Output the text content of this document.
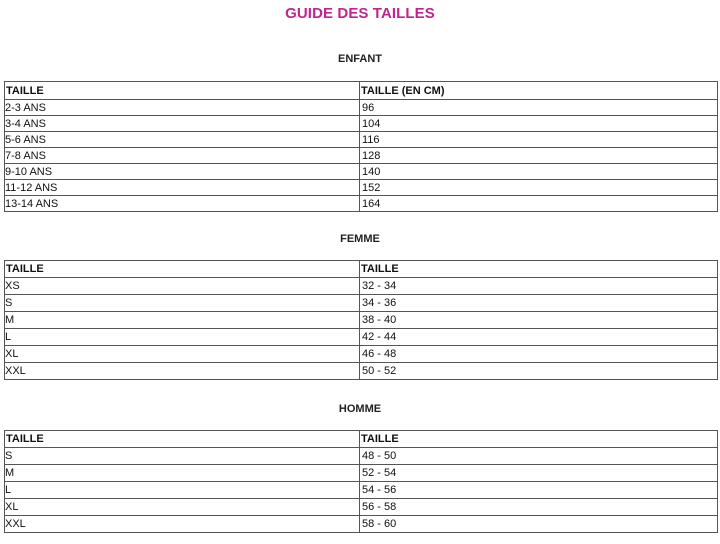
GUIDE DES TAILLES
ENFANT
TAILLE	TAILLE (EN CM)
2-3 ANS	96
3-4 ANS	104
5-6 ANS	116
7-8 ANS	128
9-10 ANS	140
11-12 ANS	152
13-14 ANS	164
FEMME
TAILLE	TAILLE
XS	32 - 34
S	34 - 36
M	38 - 40
L	42 - 44
XL	46 - 48
XXL	50 - 52
HOMME
TAILLE	TAILLE
S	48 - 50
M	52 - 54
L	54 - 56
XL	56 - 58
XXL	58 - 60
